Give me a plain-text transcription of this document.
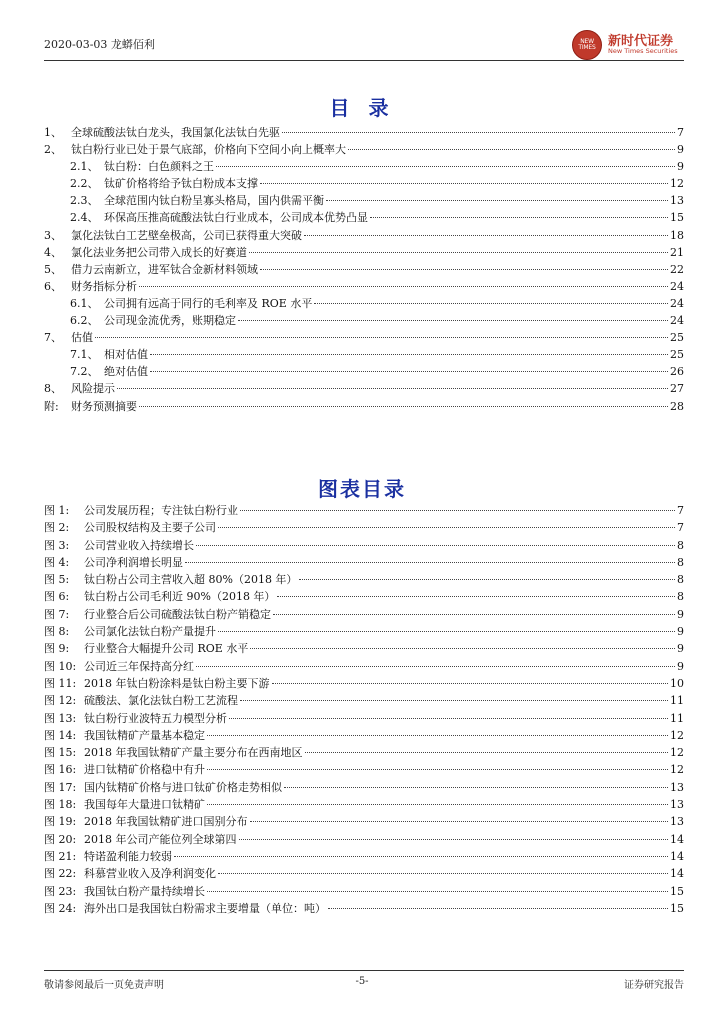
2020-03-03 龙蟒佰利	NEW TIMES 新时代证券
New Times Securities
目 录
1、 全球硫酸法钛白龙头，我国氯化法钛白先驱	7
2、 钛白粉行业已处于景气底部，价格向下空间小向上概率大	9
2.1、 钛白粉：白色颜料之王	9
2.2、 钛矿价格将给予钛白粉成本支撑	12
2.3、 全球范围内钛白粉呈寡头格局，国内供需平衡	13
2.4、 环保高压推高硫酸法钛白行业成本，公司成本优势凸显	15
3、 氯化法钛白工艺壁垒极高，公司已获得重大突破	18
4、 氯化法业务把公司带入成长的好赛道	21
5、 借力云南新立，进军钛合金新材料领域	22
6、 财务指标分析	24
6.1、 公司拥有远高于同行的毛利率及 ROE 水平	24
6.2、 公司现金流优秀，账期稳定	24
7、 估值	25
7.1、 相对估值	25
7.2、 绝对估值	26
8、 风险提示	27
附:	财务预测摘要	28
图表目录
图 1:	公司发展历程；专注钛白粉行业	7
图 2:	公司股权结构及主要子公司	7
图 3:	公司营业收入持续增长	8
图 4:	公司净利润增长明显	8
图 5:	钛白粉占公司主营收入超 80%（2018 年）	8
图 6:	钛白粉占公司毛利近 90%（2018 年）	8
图 7:	行业整合后公司硫酸法钛白粉产销稳定	9
图 8:	公司氯化法钛白粉产量提升	9
图 9:	行业整合大幅提升公司 ROE 水平	9
图 10: 公司近三年保持高分红	9
图 11: 2018 年钛白粉涂料是钛白粉主要下游	10
图 12: 硫酸法、氯化法钛白粉工艺流程	11
图 13: 钛白粉行业波特五力模型分析	11
图 14: 我国钛精矿产量基本稳定	12
图 15: 2018 年我国钛精矿产量主要分布在西南地区	12
图 16: 进口钛精矿价格稳中有升	12
图 17: 国内钛精矿价格与进口钛矿价格走势相似	13
图 18: 我国每年大量进口钛精矿	13
图 19: 2018 年我国钛精矿进口国别分布	13
图 20: 2018 年公司产能位列全球第四	14
图 21: 特诺盈利能力较弱	14
图 22: 科慕营业收入及净利润变化	14
图 23: 我国钛白粉产量持续增长	15
图 24: 海外出口是我国钛白粉需求主要增量（单位：吨）	15
敬请参阅最后一页免责声明	-5-	证券研究报告
